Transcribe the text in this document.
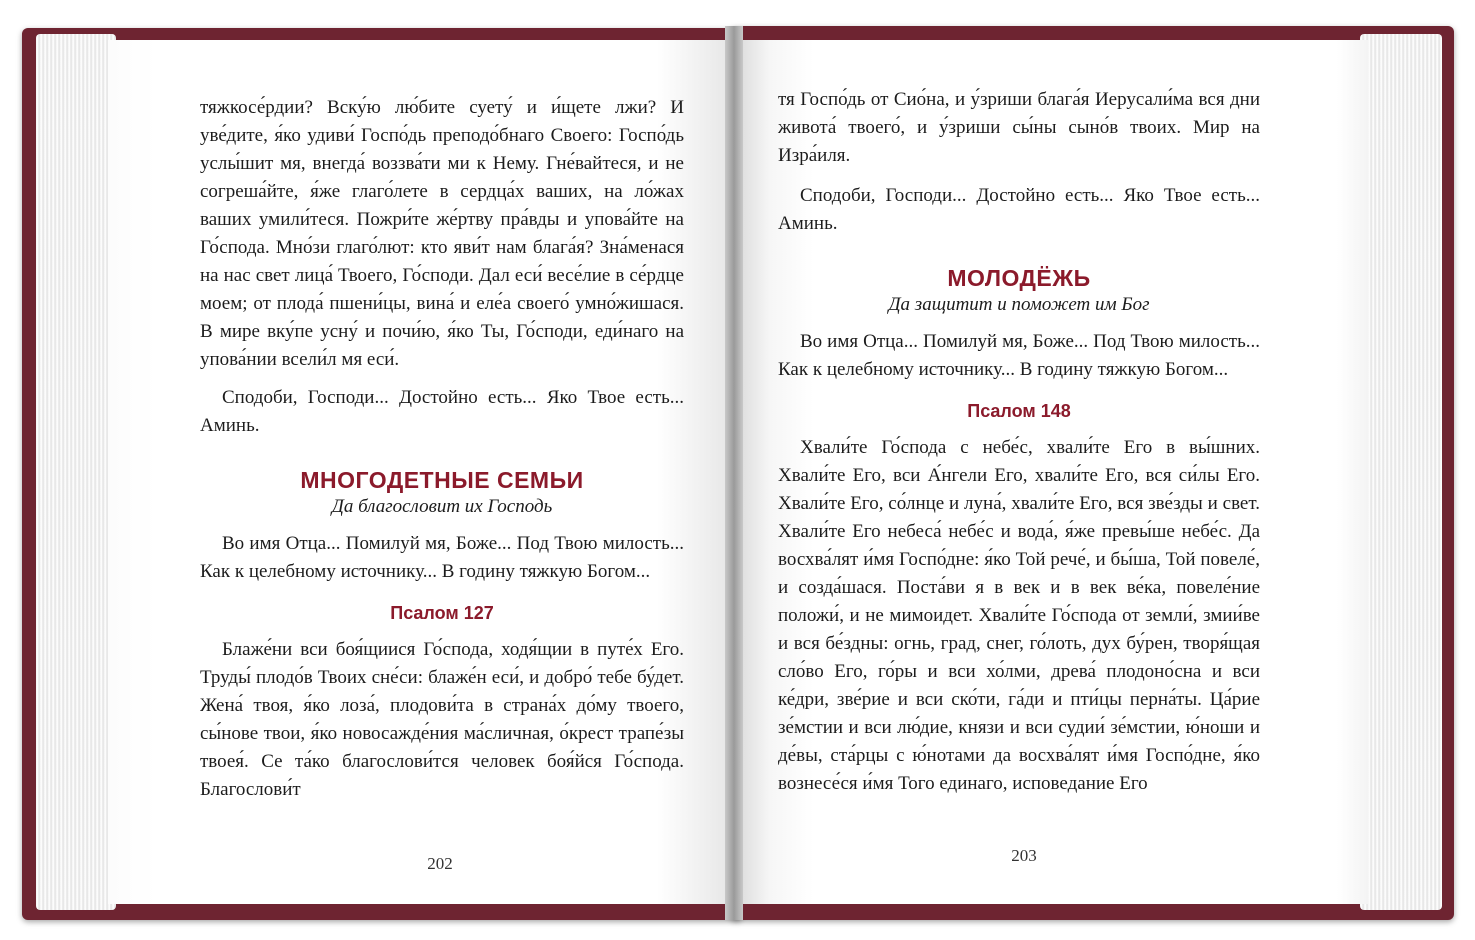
тяжкосе́рдии? Вску́ю лю́бите суету́ и и́щете лжи? И уве́дите, я́ко удиви́ Госпо́дь преподо́бнаго Своего: Госпо́дь услы́шит мя, внегда́ воззва́ти ми к Нему. Гне́вайтеся, и не согреша́йте, я́же глаго́лете в сердца́х ваших, на ло́жах ваших умили́теся. Пожри́те же́ртву пра́вды и упова́йте на Го́спода. Мно́зи глаго́лют: кто яви́т нам блага́я? Зна́менася на нас свет лица́ Твоего, Го́споди. Дал еси́ весе́лие в се́рдце моем; от плода́ пшени́цы, вина́ и еле́а своего́ умно́жишася. В мире вку́пе усну́ и почи́ю, я́ко Ты, Го́споди, еди́наго на упова́нии всели́л мя еси́.

Сподоби, Господи... Достойно есть... Яко Твое есть... Аминь.

МНОГОДЕТНЫЕ СЕМЬИ

Да благословит их Господь

Во имя Отца... Помилуй мя, Боже... Под Твою милость... Как к целебному источнику... В годину тяжкую Богом...

Псалом 127

Блаже́ни вси боя́щиися Го́спода, ходя́щии в путе́х Его. Труды́ плодо́в Твоих сне́си: блаже́н еси́, и добро́ тебе бу́дет. Жена́ твоя, я́ко лоза́, плодови́та в страна́х до́му твоего, сы́нове твои, я́ко новосажде́ния ма́сличная, о́крест трапе́зы твоея́. Се та́ко благослови́тся человек боя́йся Го́спода. Благослови́т

202

тя Госпо́дь от Сио́на, и у́зриши блага́я Иерусали́ма вся дни живота́ твоего́, и у́зриши сы́ны сыно́в твоих. Мир на Изра́иля.

Сподоби, Господи... Достойно есть... Яко Твое есть... Аминь.

МОЛОДЁЖЬ

Да защитит и поможет им Бог

Во имя Отца... Помилуй мя, Боже... Под Твою милость... Как к целебному источнику... В годину тяжкую Богом...

Псалом 148

Хвали́те Го́спода с небе́с, хвали́те Его в вы́шних. Хвали́те Его, вси А́нгели Его, хвали́те Его, вся си́лы Его. Хвали́те Его, со́лнце и луна́, хвали́те Его, вся зве́зды и свет. Хвали́те Его небеса́ небе́с и вода́, я́же превы́ше небе́с. Да восхва́лят и́мя Госпо́дне: я́ко Той рече́, и бы́ша, Той повеле́, и созда́шася. Поста́ви я в век и в век ве́ка, повеле́ние положи́, и не мимоидет. Хвали́те Го́спода от земли́, змии́ве и вся бе́здны: огнь, град, снег, го́лоть, дух бу́рен, творя́щая сло́во Его, го́ры и вси хо́лми, древа́ плодоно́сна и вси ке́дри, зве́рие и вси ско́ти, га́ди и пти́цы перна́ты. Ца́рие зе́мстии и вси лю́дие, князи и вси судии́ зе́мстии, ю́ноши и де́вы, ста́рцы с ю́нотами да восхва́лят и́мя Госпо́дне, я́ко вознесе́ся и́мя Того единаго, исповедание Его

203
